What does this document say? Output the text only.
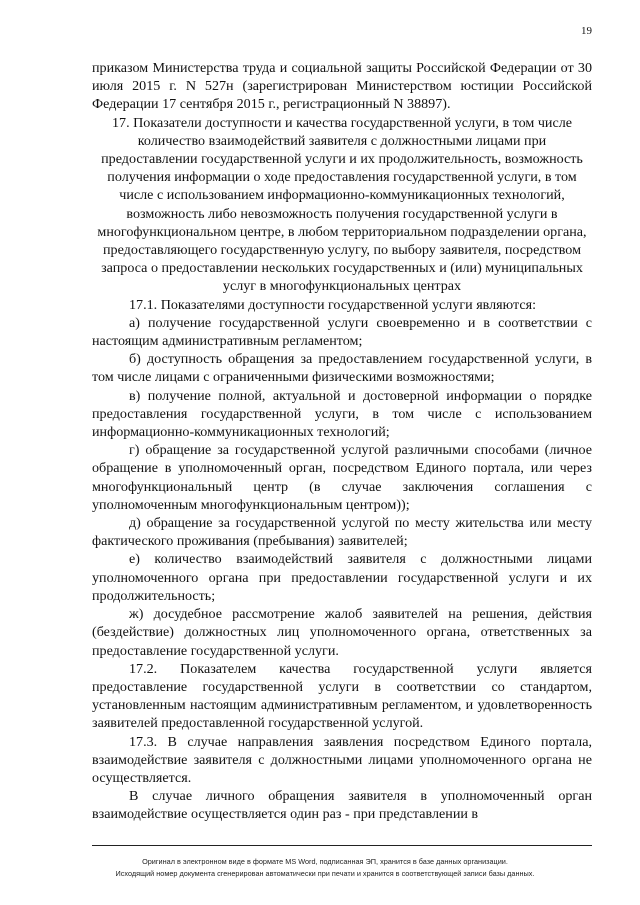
19

приказом Министерства труда и социальной защиты Российской Федерации от 30 июля 2015 г. N 527н (зарегистрирован Министерством юстиции Российской Федерации 17 сентября 2015 г., регистрационный N 38897).

17. Показатели доступности и качества государственной услуги, в том числе количество взаимодействий заявителя с должностными лицами при предоставлении государственной услуги и их продолжительность, возможность получения информации о ходе предоставления государственной услуги, в том числе с использованием информационно-коммуникационных технологий, возможность либо невозможность получения государственной услуги в многофункциональном центре, в любом территориальном подразделении органа, предоставляющего государственную услугу, по выбору заявителя, посредством запроса о предоставлении нескольких государственных и (или) муниципальных услуг в многофункциональных центрах

17.1. Показателями доступности государственной услуги являются:

а) получение государственной услуги своевременно и в соответствии с настоящим административным регламентом;

б) доступность обращения за предоставлением государственной услуги, в том числе лицами с ограниченными физическими возможностями;

в) получение полной, актуальной и достоверной информации о порядке предоставления государственной услуги, в том числе с использованием информационно-коммуникационных технологий;

г) обращение за государственной услугой различными способами (личное обращение в уполномоченный орган, посредством Единого портала, или через многофункциональный центр (в случае заключения соглашения с уполномоченным многофункциональным центром));

д) обращение за государственной услугой по месту жительства или месту фактического проживания (пребывания) заявителей;

е) количество взаимодействий заявителя с должностными лицами уполномоченного органа при предоставлении государственной услуги и их продолжительность;

ж) досудебное рассмотрение жалоб заявителей на решения, действия (бездействие) должностных лиц уполномоченного органа, ответственных за предоставление государственной услуги.

17.2. Показателем качества государственной услуги является предоставление государственной услуги в соответствии со стандартом, установленным настоящим административным регламентом, и удовлетворенность заявителей предоставленной государственной услугой.

17.3. В случае направления заявления посредством Единого портала, взаимодействие заявителя с должностными лицами уполномоченного органа не осуществляется.

В случае личного обращения заявителя в уполномоченный орган взаимодействие осуществляется один раз - при представлении в

Оригинал в электронном виде в формате MS Word, подписанная ЭП, хранится в базе данных организации.
Исходящий номер документа сгенерирован автоматически при печати и хранится в соответствующей записи базы данных.
